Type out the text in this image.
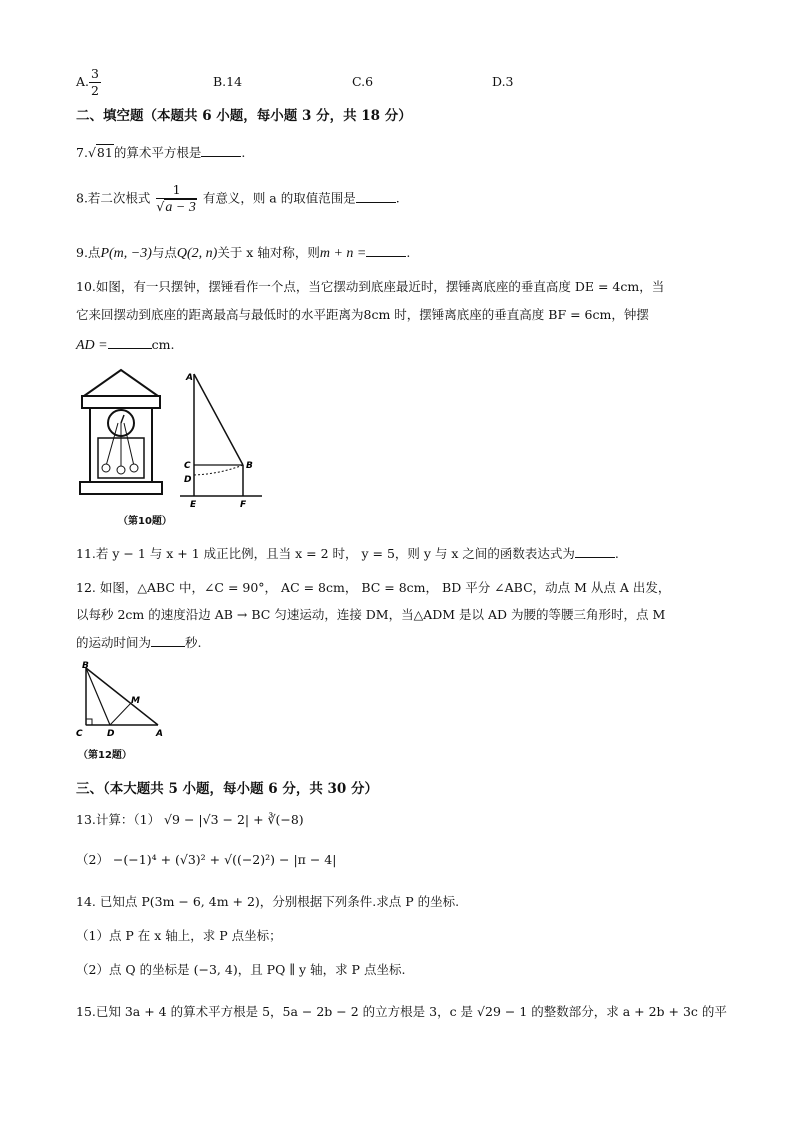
A. $\frac{3}{2}$	B.14	C.6	D.3
二、填空题（本题共 6 小题，每小题 3 分，共 18 分）
7.√81的算术平方根是	.
8.若二次根式 $\frac{1}{√a - 3}$ 有意义，则 a 的取值范围是	.
9.点P(m, −3)与点Q(2, n)关于 x 轴对称，则m + n =	.
10.如图，有一只摆钟，摆锤看作一个点，当它摆动到底座最近时，摆锤离底座的垂直高度 DE = 4cm，当
它来回摆动到底座的距离最高与最低时的水平距离为8cm 时，摆锤离底座的垂直高度 BF = 6cm，钟摆
AD =	cm.
A
C
D
B
E	F
（第10题）
11.若 y − 1 与 x + 1 成正比例，且当 x = 2 时， y = 5，则 y 与 x 之间的函数表达式为	.
12. 如图，△ABC 中，∠C = 90°， AC = 8cm， BC = 8cm， BD 平分 ∠ABC，动点 M 从点 A 出发，
以每秒 2cm 的速度沿边 AB → BC 匀速运动，连接 DM，当△ADM 是以 AD 为腰的等腰三角形时，点 M
的运动时间为	秒.
B
C	D	A
M
（第12题）
三、（本大题共 5 小题，每小题 6 分，共 30 分）
13.计算：（1） √9 − |√3 − 2| + ∛(−8)
（2） −(−1)⁴ + (√3)² + √((−2)²) − |π − 4|
14. 已知点 P(3m − 6, 4m + 2)，分别根据下列条件.求点 P 的坐标.
（1）点 P 在 x 轴上，求 P 点坐标；
（2）点 Q 的坐标是 (−3, 4)，且 PQ ∥ y 轴，求 P 点坐标.
15.已知 3a + 4 的算术平方根是 5，5a − 2b − 2 的立方根是 3，c 是 √29 − 1 的整数部分，求 a + 2b + 3c 的平
